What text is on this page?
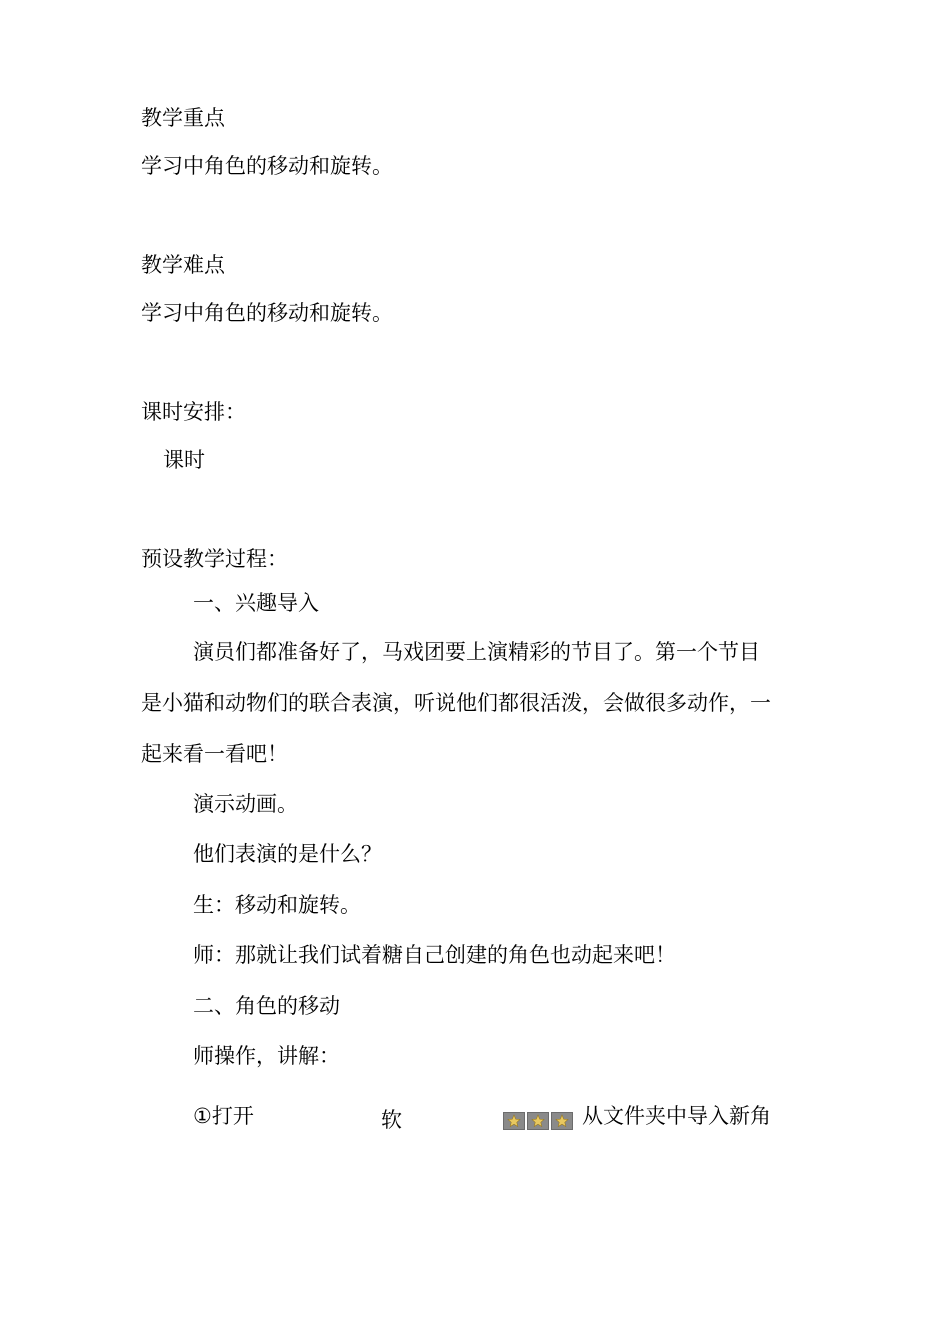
教学重点

学习中角色的移动和旋转。

教学难点

学习中角色的移动和旋转。

课时安排：

课时

预设教学过程：

一、兴趣导入

演员们都准备好了，马戏团要上演精彩的节目了。第一个节目

是小猫和动物们的联合表演，听说他们都很活泼，会做很多动作，一

起来看一看吧！

演示动画。

他们表演的是什么？

生：移动和旋转。

师：那就让我们试着糖自己创建的角色也动起来吧！

二、角色的移动

师操作，讲解：

①打开	软	从文件夹中导入新角
